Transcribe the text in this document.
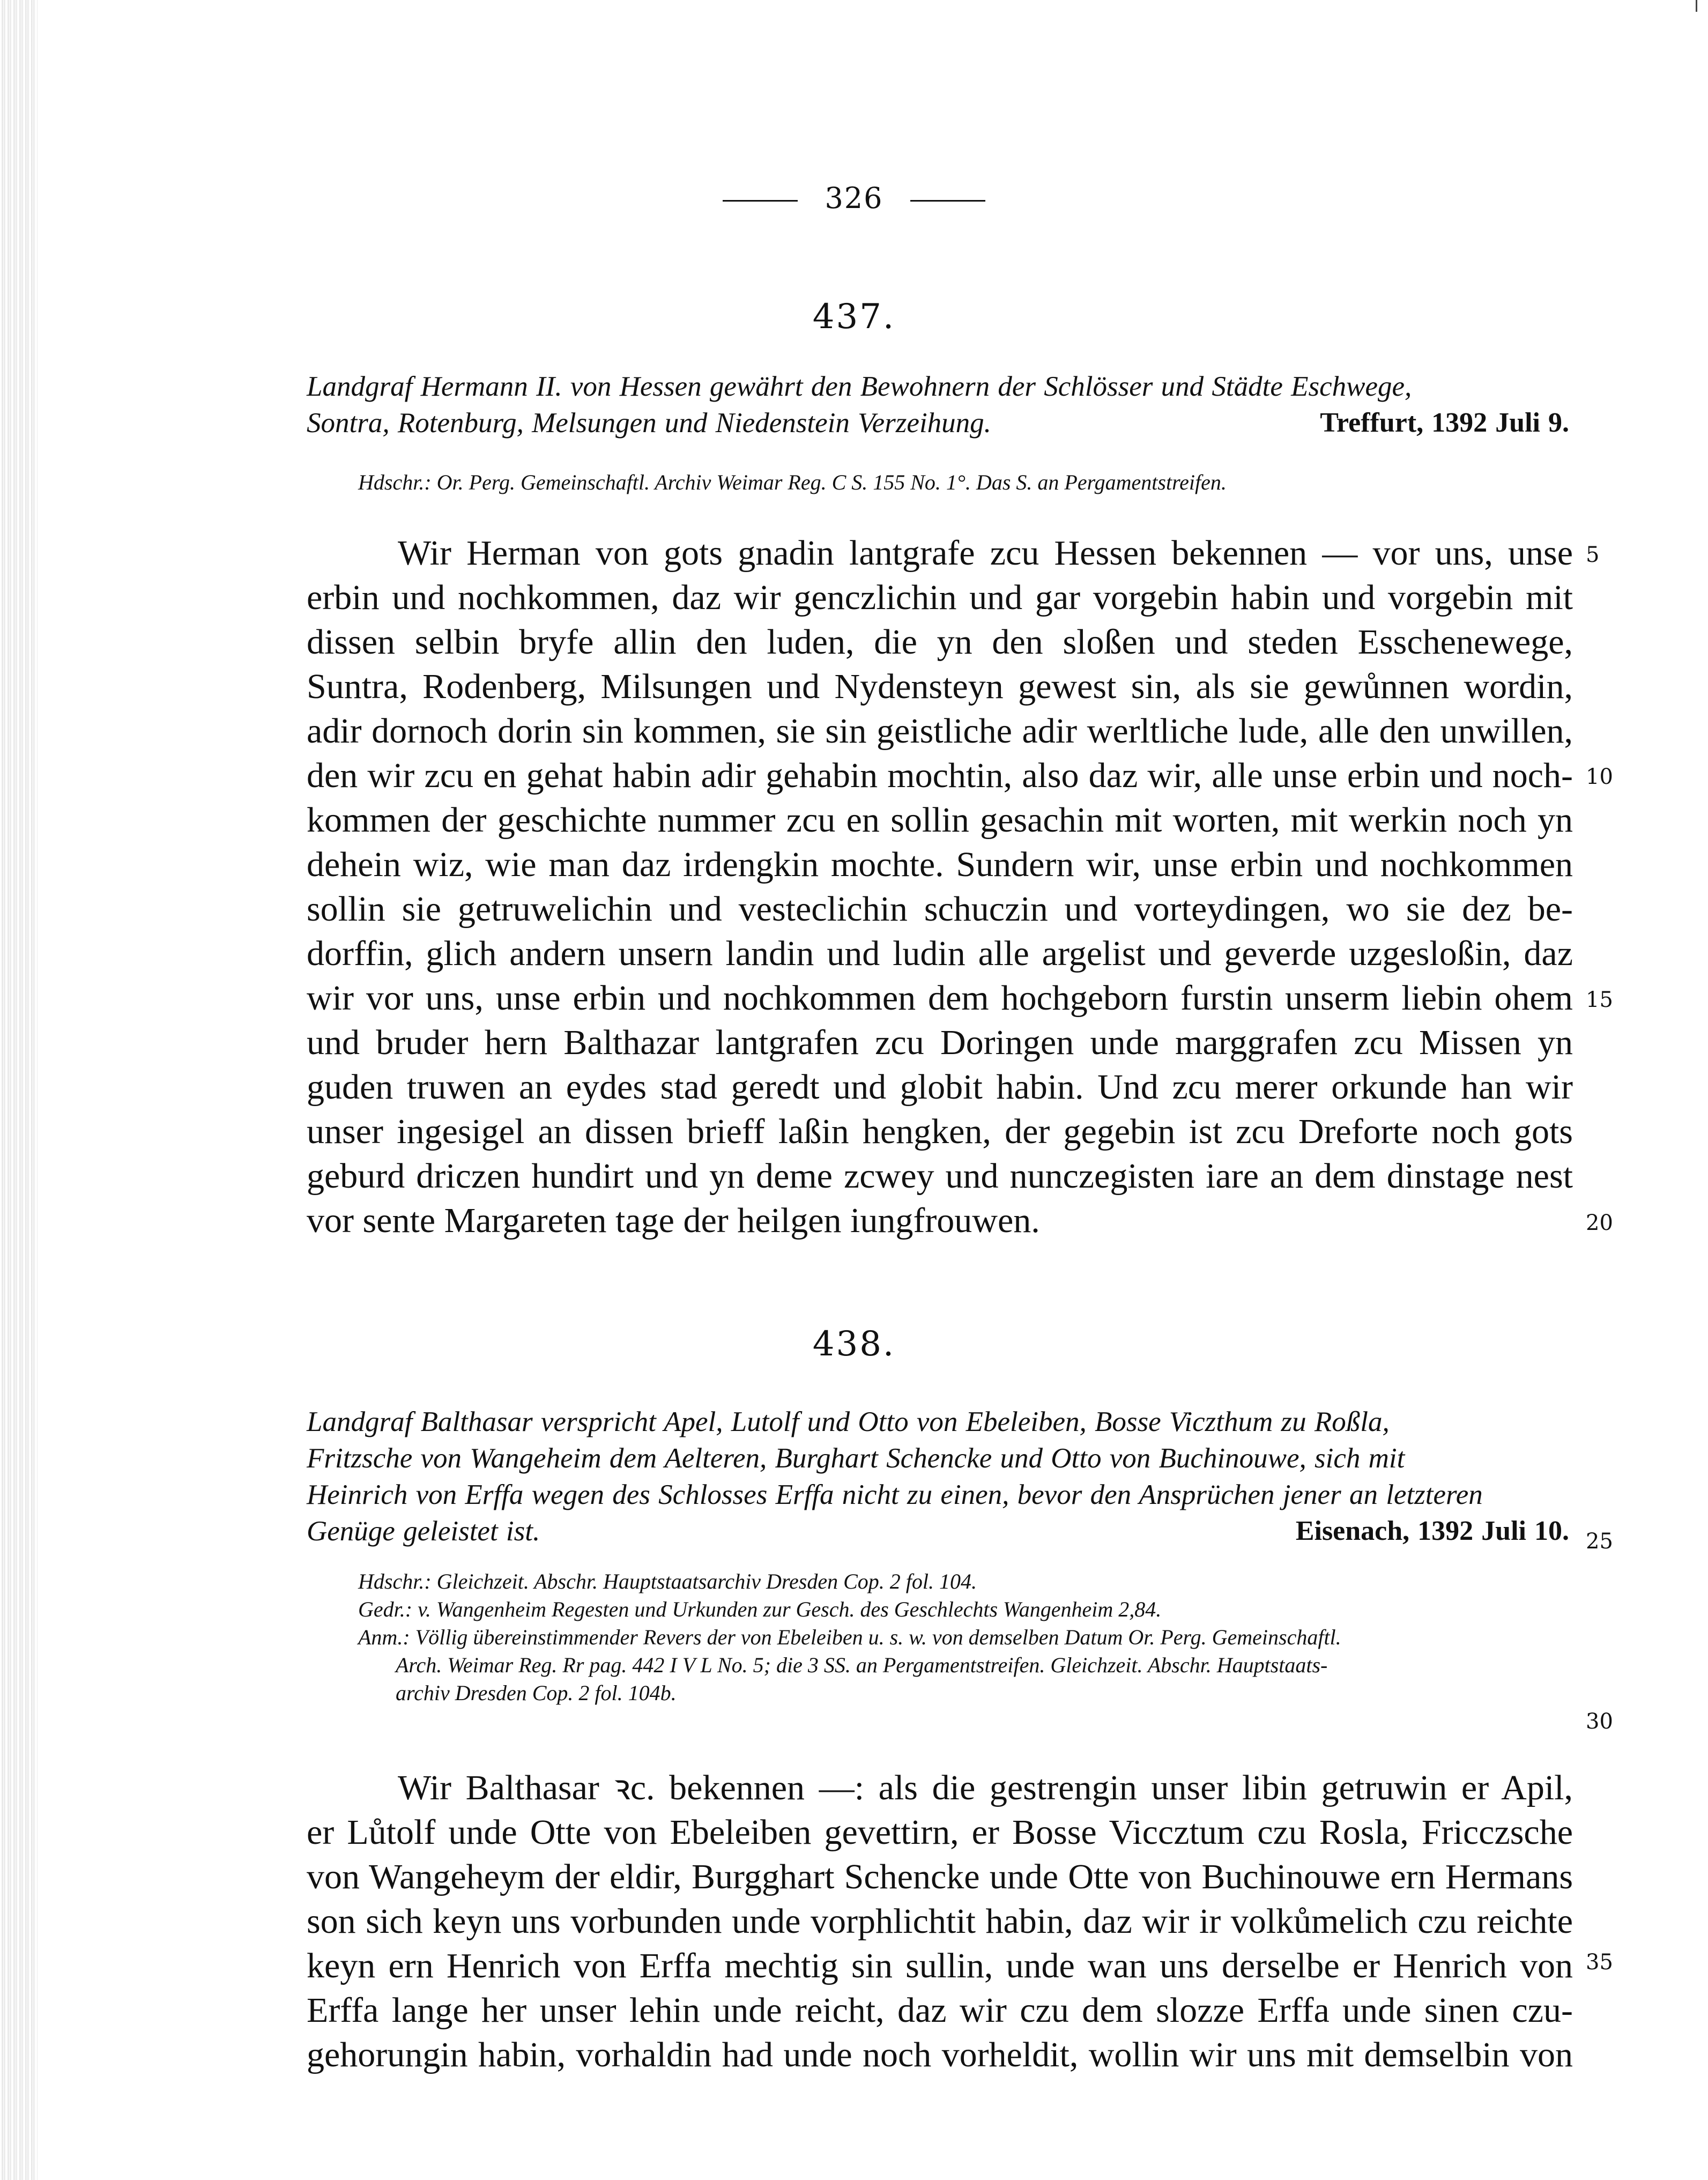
326
437.
Landgraf Hermann II. von Hessen gewährt den Bewohnern der Schlösser und Städte Eschwege,
Sontra, Rotenburg, Melsungen und Niedenstein Verzeihung.	Treffurt, 1392 Juli 9.
Hdschr.: Or. Perg. Gemeinschaftl. Archiv Weimar Reg. C S. 155 No. 1°. Das S. an Pergamentstreifen.
Wir Herman von gots gnadin lantgrafe zcu Hessen bekennen — vor uns, unse
erbin und nochkommen, daz wir genczlichin und gar vorgebin habin und vorgebin mit
dissen selbin bryfe allin den luden, die yn den sloßen und steden Esschenewege,
Suntra, Rodenberg, Milsungen und Nydensteyn gewest sin, als sie gewůnnen wordin,
adir dornoch dorin sin kommen, sie sin geistliche adir werltliche lude, alle den unwillen,
den wir zcu en gehat habin adir gehabin mochtin, also daz wir, alle unse erbin und noch-
kommen der geschichte nummer zcu en sollin gesachin mit worten, mit werkin noch yn
dehein wiz, wie man daz irdengkin mochte. Sundern wir, unse erbin und nochkommen
sollin sie getruwelichin und vesteclichin schuczin und vorteydingen, wo sie dez be-
dorffin, glich andern unsern landin und ludin alle argelist und geverde uzgesloßin, daz
wir vor uns, unse erbin und nochkommen dem hochgeborn furstin unserm liebin ohem
und bruder hern Balthazar lantgrafen zcu Doringen unde marggrafen zcu Missen yn
guden truwen an eydes stad geredt und globit habin. Und zcu merer orkunde han wir
unser ingesigel an dissen brieff laßin hengken, der gegebin ist zcu Dreforte noch gots
geburd driczen hundirt und yn deme zcwey und nunczegisten iare an dem dinstage nest
vor sente Margareten tage der heilgen iungfrouwen.
438.
Landgraf Balthasar verspricht Apel, Lutolf und Otto von Ebeleiben, Bosse Viczthum zu Roßla,
Fritzsche von Wangeheim dem Aelteren, Burghart Schencke und Otto von Buchinouwe, sich mit
Heinrich von Erffa wegen des Schlosses Erffa nicht zu einen, bevor den Ansprüchen jener an letzteren
Genüge geleistet ist.	Eisenach, 1392 Juli 10.
Hdschr.: Gleichzeit. Abschr. Hauptstaatsarchiv Dresden Cop. 2 fol. 104.
Gedr.: v. Wangenheim Regesten und Urkunden zur Gesch. des Geschlechts Wangenheim 2,84.
Anm.: Völlig übereinstimmender Revers der von Ebeleiben u. s. w. von demselben Datum Or. Perg. Gemeinschaftl.
Arch. Weimar Reg. Rr pag. 442 I V L No. 5; die 3 SS. an Pergamentstreifen. Gleichzeit. Abschr. Hauptstaats-
archiv Dresden Cop. 2 fol. 104b.
Wir Balthasar ꝛc. bekennen —: als die gestrengin unser libin getruwin er Apil,
er Lůtolf unde Otte von Ebeleiben gevettirn, er Bosse Viccztum czu Rosla, Fricczsche
von Wangeheym der eldir, Burgghart Schencke unde Otte von Buchinouwe ern Hermans
son sich keyn uns vorbunden unde vorphlichtit habin, daz wir ir volkůmelich czu reichte
keyn ern Henrich von Erffa mechtig sin sullin, unde wan uns derselbe er Henrich von
Erffa lange her unser lehin unde reicht, daz wir czu dem slozze Erffa unde sinen czu-
gehorungin habin, vorhaldin had unde noch vorheldit, wollin wir uns mit demselbin von
5
10
15
20
25
30
35
